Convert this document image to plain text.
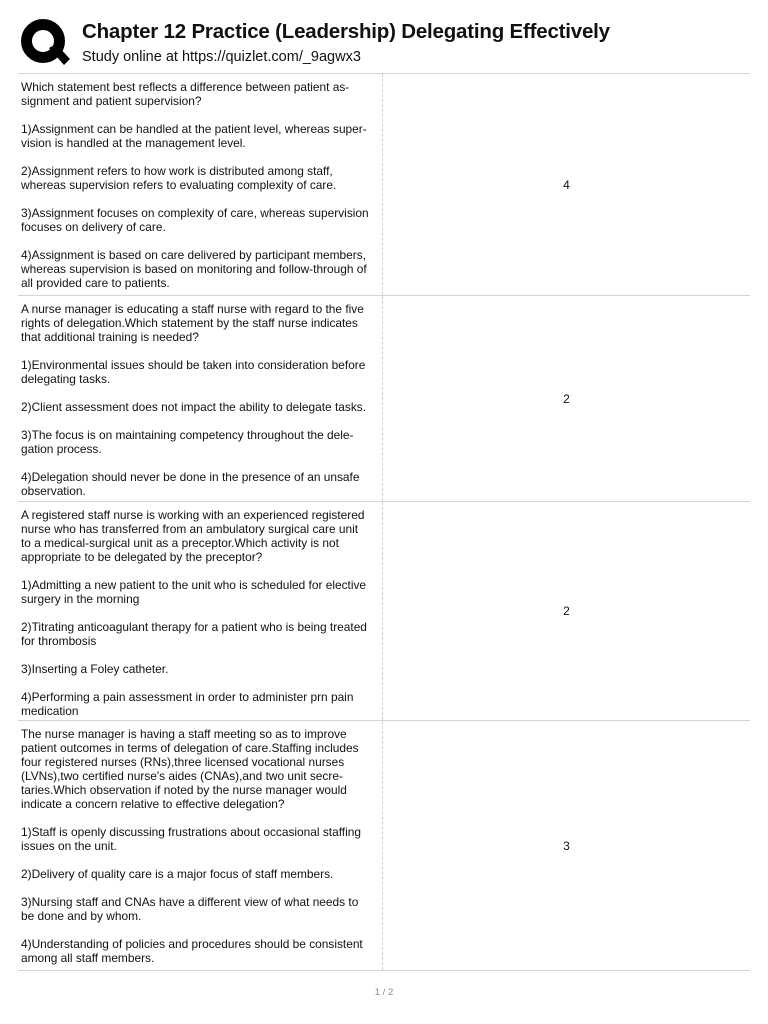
Chapter 12 Practice (Leadership) Delegating Effectively
Study online at https://quizlet.com/_9agwx3

Which statement best reflects a difference between patient as-
signment and patient supervision?

1)Assignment can be handled at the patient level, whereas super-
vision is handled at the management level.

2)Assignment refers to how work is distributed among staff,
whereas supervision refers to evaluating complexity of care.

3)Assignment focuses on complexity of care, whereas supervision
focuses on delivery of care.

4)Assignment is based on care delivered by participant members,
whereas supervision is based on monitoring and follow-through of
all provided care to patients.

4

A nurse manager is educating a staff nurse with regard to the five
rights of delegation.Which statement by the staff nurse indicates
that additional training is needed?

1)Environmental issues should be taken into consideration before
delegating tasks.

2)Client assessment does not impact the ability to delegate tasks.

3)The focus is on maintaining competency throughout the dele-
gation process.

4)Delegation should never be done in the presence of an unsafe
observation.

2

A registered staff nurse is working with an experienced registered
nurse who has transferred from an ambulatory surgical care unit
to a medical-surgical unit as a preceptor.Which activity is not
appropriate to be delegated by the preceptor?

1)Admitting a new patient to the unit who is scheduled for elective
surgery in the morning

2)Titrating anticoagulant therapy for a patient who is being treated
for thrombosis

3)Inserting a Foley catheter.

4)Performing a pain assessment in order to administer prn pain
medication

2

The nurse manager is having a staff meeting so as to improve
patient outcomes in terms of delegation of care.Staffing includes
four registered nurses (RNs),three licensed vocational nurses
(LVNs),two certified nurse's aides (CNAs),and two unit secre-
taries.Which observation if noted by the nurse manager would
indicate a concern relative to effective delegation?

1)Staff is openly discussing frustrations about occasional staffing
issues on the unit.

2)Delivery of quality care is a major focus of staff members.

3)Nursing staff and CNAs have a different view of what needs to
be done and by whom.

4)Understanding of policies and procedures should be consistent
among all staff members.

3
1 / 2
